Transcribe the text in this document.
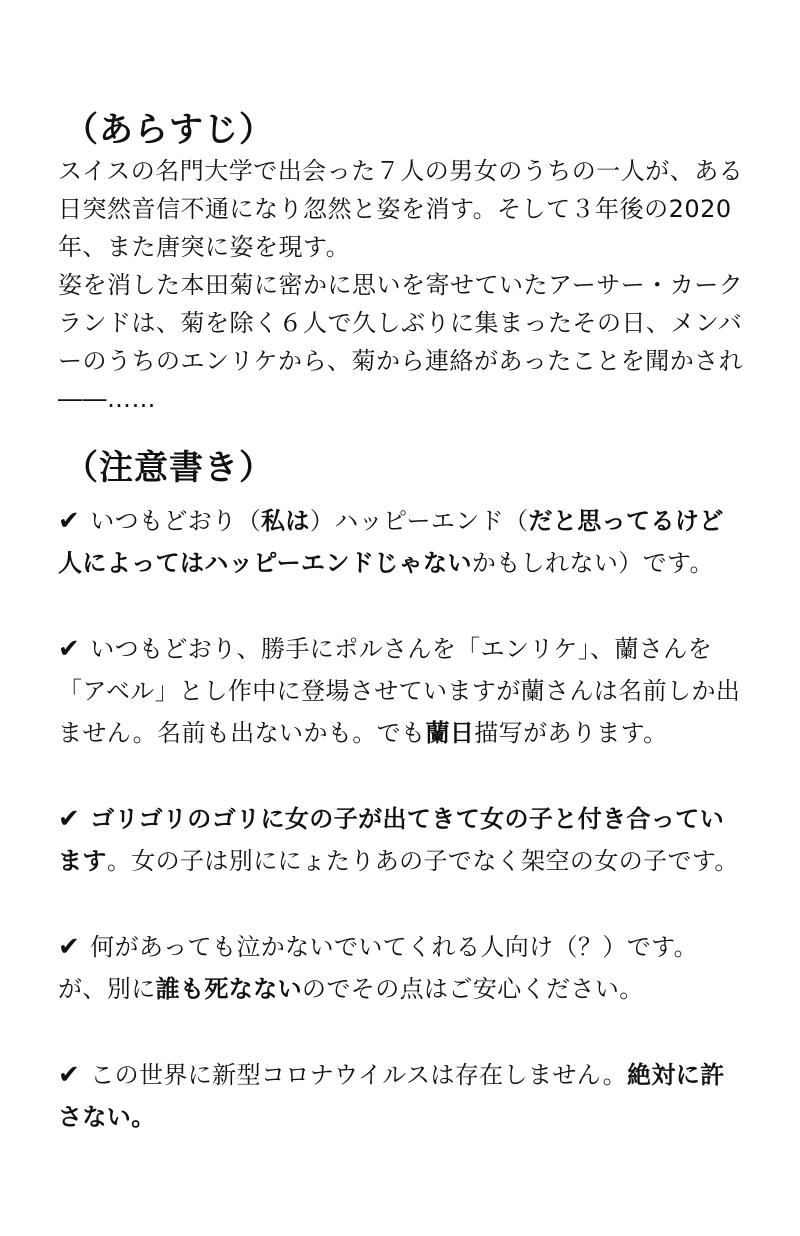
（あらすじ）

スイスの名門大学で出会った７人の男女のうちの一人が、ある日突然音信不通になり忽然と姿を消す。そして３年後の2020年、また唐突に姿を現す。

姿を消した本田菊に密かに思いを寄せていたアーサー・カークランドは、菊を除く６人で久しぶりに集まったその日、メンバーのうちのエンリケから、菊から連絡があったことを聞かされ――……

（注意書き）

✔ いつもどおり（私は）ハッピーエンド（だと思ってるけど人によってはハッピーエンドじゃないかもしれない）です。

✔ いつもどおり、勝手にポルさんを「エンリケ」、蘭さんを「アベル」とし作中に登場させていますが蘭さんは名前しか出ません。名前も出ないかも。でも蘭日描写があります。

✔ ゴリゴリのゴリに女の子が出てきて女の子と付き合っています。女の子は別ににょたりあの子でなく架空の女の子です。

✔ 何があっても泣かないでいてくれる人向け（？）です。
が、別に誰も死なないのでその点はご安心ください。

✔ この世界に新型コロナウイルスは存在しません。絶対に許さない。
